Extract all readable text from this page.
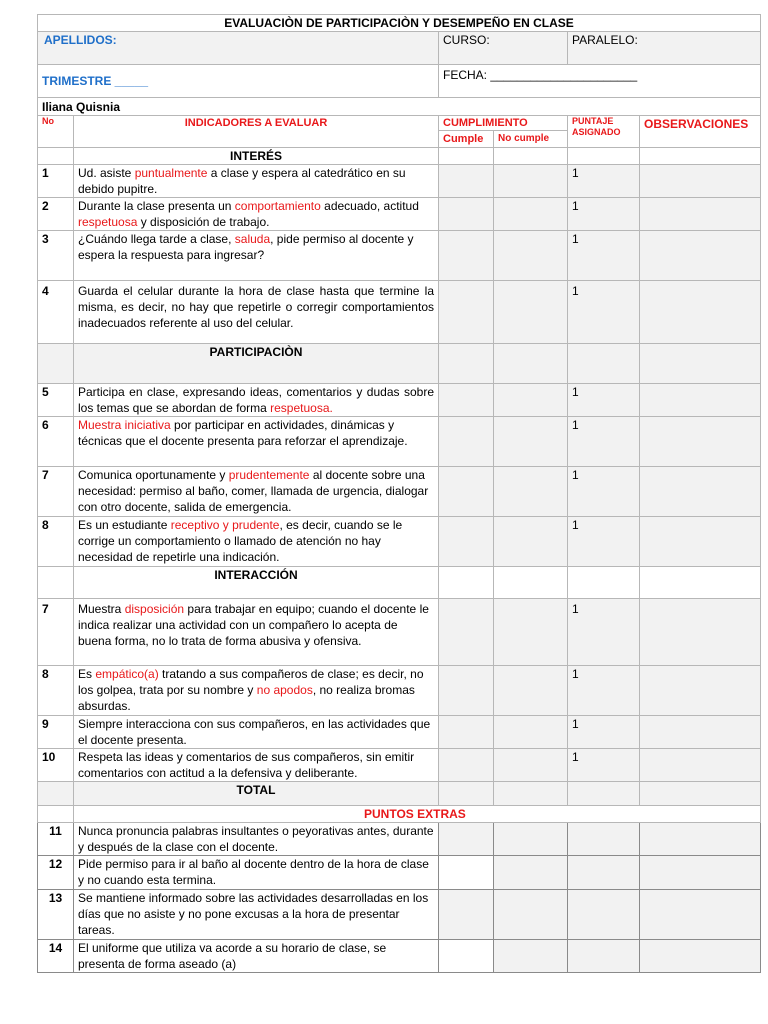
EVALUACIÒN DE PARTICIPACIÒN Y DESEMPEÑO EN CLASE					
APELLIDOS:		CURSO:		PARALELO:	
TRIMESTRE _____		FECHA: ______________________			
Iliana Quisnia					
No	INDICADORES A EVALUAR	CUMPLIMIENTO		PUNTAJE ASIGNADO	OBSERVACIONES
		Cumple	No cumple		
	INTERÉS				
1	Ud. asiste puntualmente a clase y espera al catedrático en su debido pupitre.			1	
2	Durante la clase presenta un comportamiento adecuado, actitud respetuosa y disposición de trabajo.			1	
3	¿Cuándo llega tarde a clase, saluda, pide permiso al docente y espera la respuesta para ingresar?			1	
4	Guarda el celular durante la hora de clase hasta que termine la misma, es decir, no hay que repetirle o corregir comportamientos inadecuados referente al uso del celular.			1	
	PARTICIPACIÒN				
5	Participa en clase, expresando ideas, comentarios y dudas sobre los temas que se abordan de forma respetuosa.			1	
6	Muestra iniciativa por participar en actividades, dinámicas y técnicas que el docente presenta para reforzar el aprendizaje.			1	
7	Comunica oportunamente y prudentemente al docente sobre una necesidad: permiso al baño, comer, llamada de urgencia, dialogar con otro docente, salida de emergencia.			1	
8	Es un estudiante receptivo y prudente, es decir, cuando se le corrige un comportamiento o llamado de atención no hay necesidad de repetirle una indicación.			1	
	INTERACCIÓN				
7	Muestra disposición para trabajar en equipo; cuando el docente le indica realizar una actividad con un compañero lo acepta de buena forma, no lo trata de forma abusiva y ofensiva.			1	
8	Es empático(a) tratando a sus compañeros de clase; es decir, no los golpea, trata por su nombre y no apodos, no realiza bromas absurdas.			1	
9	Siempre interacciona con sus compañeros, en las actividades que el docente presenta.			1	
10	Respeta las ideas y comentarios de sus compañeros, sin emitir comentarios con actitud a la defensiva y deliberante.			1	
	TOTAL				
	PUNTOS EXTRAS				
11	Nunca pronuncia palabras insultantes o peyorativas antes, durante y después de la clase con el docente.				
12	Pide permiso para ir al baño al docente dentro de la hora de clase y no cuando esta termina.				
13	Se mantiene informado sobre las actividades desarrolladas en los días que no asiste y no pone excusas a la hora de presentar tareas.				
14	El uniforme que utiliza va acorde a su horario de clase, se presenta de forma aseado (a)				
